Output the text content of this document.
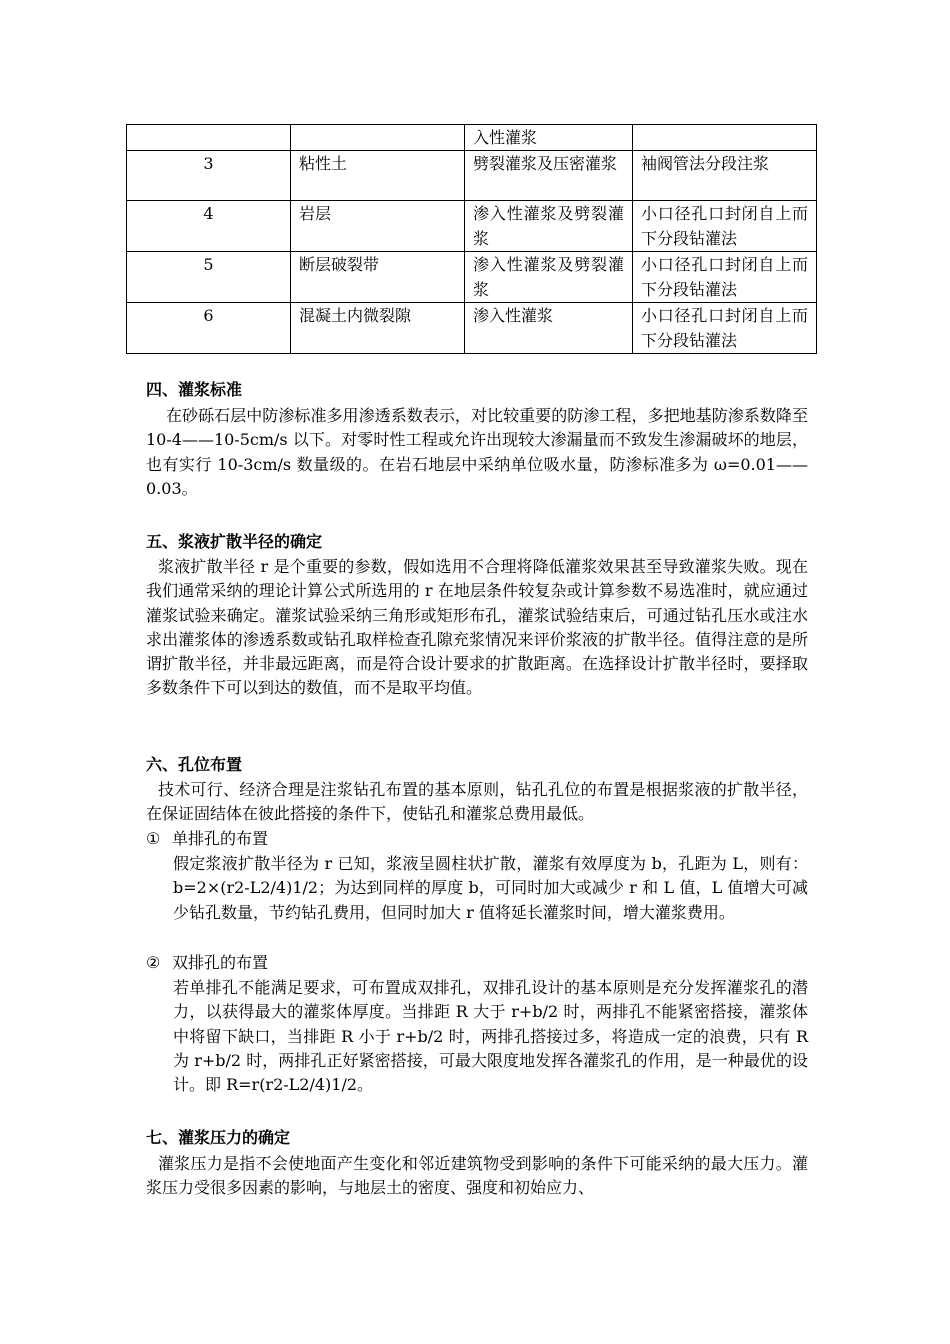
		入性灌浆	
3	粘性土	劈裂灌浆及压密灌浆	袖阀管法分段注浆
4	岩层	渗入性灌浆及劈裂灌浆	小口径孔口封闭自上而下分段钻灌法
5	断层破裂带	渗入性灌浆及劈裂灌浆	小口径孔口封闭自上而下分段钻灌法
6	混凝土内微裂隙	渗入性灌浆	小口径孔口封闭自上而下分段钻灌法
四、灌浆标准

在砂砾石层中防渗标准多用渗透系数表示，对比较重要的防渗工程，多把地基防渗系数降至 10-4——10-5cm/s 以下。对零时性工程或允许出现较大渗漏量而不致发生渗漏破坏的地层，也有实行 10-3cm/s 数量级的。在岩石地层中采纳单位吸水量，防渗标准多为 ω=0.01——0.03。

五、浆液扩散半径的确定

浆液扩散半径 r 是个重要的参数，假如选用不合理将降低灌浆效果甚至导致灌浆失败。现在我们通常采纳的理论计算公式所选用的 r 在地层条件较复杂或计算参数不易选准时，就应通过灌浆试验来确定。灌浆试验采纳三角形或矩形布孔，灌浆试验结束后，可通过钻孔压水或注水求出灌浆体的渗透系数或钻孔取样检查孔隙充浆情况来评价浆液的扩散半径。值得注意的是所谓扩散半径，并非最远距离，而是符合设计要求的扩散距离。在选择设计扩散半径时，要择取多数条件下可以到达的数值，而不是取平均值。

六、孔位布置

技术可行、经济合理是注浆钻孔布置的基本原则，钻孔孔位的布置是根据浆液的扩散半径，在保证固结体在彼此搭接的条件下，使钻孔和灌浆总费用最低。

① 单排孔的布置

假定浆液扩散半径为 r 已知，浆液呈圆柱状扩散，灌浆有效厚度为 b，孔距为 L，则有：b=2×(r2-L2/4)1/2；为达到同样的厚度 b，可同时加大或减少 r 和 L 值，L 值增大可减少钻孔数量，节约钻孔费用，但同时加大 r 值将延长灌浆时间，增大灌浆费用。

② 双排孔的布置

若单排孔不能满足要求，可布置成双排孔，双排孔设计的基本原则是充分发挥灌浆孔的潜力，以获得最大的灌浆体厚度。当排距 R 大于 r+b/2 时，两排孔不能紧密搭接，灌浆体中将留下缺口，当排距 R 小于 r+b/2 时，两排孔搭接过多，将造成一定的浪费，只有 R 为 r+b/2 时，两排孔正好紧密搭接，可最大限度地发挥各灌浆孔的作用，是一种最优的设计。即 R=r(r2-L2/4)1/2。

七、灌浆压力的确定

灌浆压力是指不会使地面产生变化和邻近建筑物受到影响的条件下可能采纳的最大压力。灌浆压力受很多因素的影响，与地层土的密度、强度和初始应力、
